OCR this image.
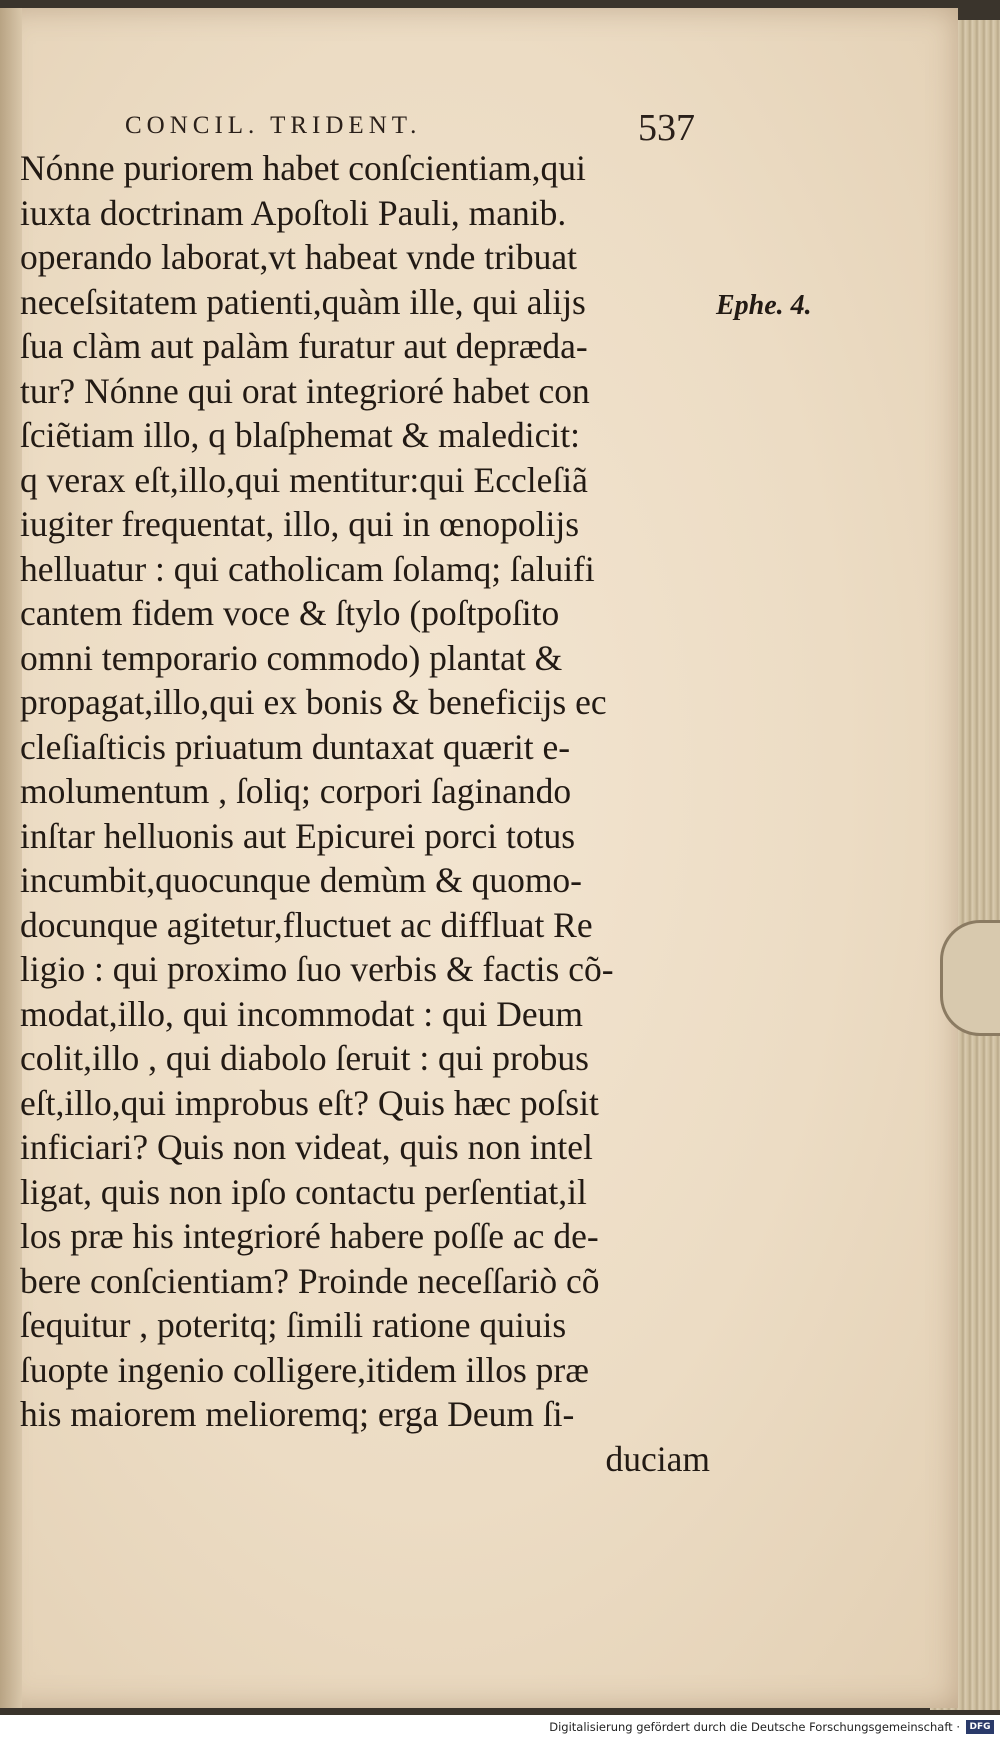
CONCIL. TRIDENT.	537
Nónne puriorem habet conſcientiam,qui
iuxta doctrinam Apoſtoli Pauli, manib.
operando laborat,vt habeat vnde tribuat
neceſsitatem patienti,quàm ille, qui alijs
ſua clàm aut palàm furatur aut deprædа-
tur? Nónne qui orat integrioré habet con
ſciẽtiam illo, q blaſphemat & maledicit:
q verax eſt,illo,qui mentitur:qui Eccleſiã
iugiter frequentat, illo, qui in œnopolijs
helluatur : qui catholicam ſolamq; ſaluifi
cantem fidem voce & ſtylo (poſtpoſito
omni temporario commodo) plantat &
propagat,illo,qui ex bonis & beneficijs ec
cleſiaſticis priuatum duntaxat quærit e-
molumentum , ſoliq; corpori ſaginando
inſtar helluonis aut Epicurei porci totus
incumbit,quocunque demùm & quomo-
docunque agitetur,fluctuet ac diffluat Re
ligio : qui proximo ſuo verbis & factis cõ-
modat,illo, qui incommodat : qui Deum
colit,illo , qui diabolo ſeruit : qui probus
eſt,illo,qui improbus eſt? Quis hæc poſsit
inficiari? Quis non videat, quis non intel
ligat, quis non ipſo contactu perſentiat,il
los præ his integrioré habere poſſe ac de-
bere conſcientiam? Proinde neceſſariò cõ
ſequitur , poteritq; ſimili ratione quiuis
ſuopte ingenio colligere,itidem illos præ
his maiorem melioremq; erga Deum ſi-
duciam
Ephe. 4.
Digitalisierung gefördert durch die Deutsche Forschungsgemeinschaft ·	DFG
